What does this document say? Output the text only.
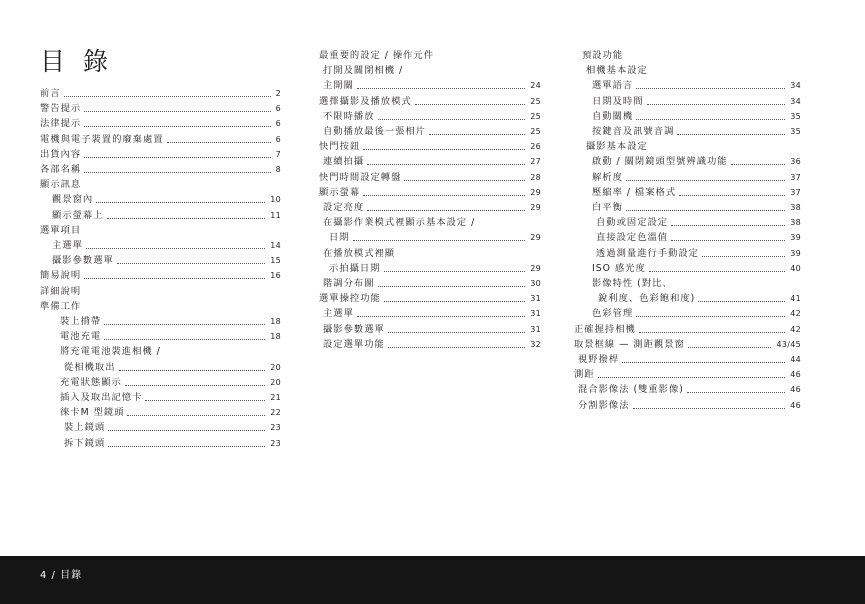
目 錄
前言	2
警告提示	6
法律提示	6
電機與電子裝置的廢棄處置	6
出貨內容	7
各部名稱	8
顯示訊息
觀景窗內	10
顯示螢幕上	11
選單項目
主選單	14
攝影參數選單	15
簡易說明	16
詳細說明
準備工作
裝上揹帶	18
電池充電	18
將充電電池裝進相機 /
從相機取出	20
充電狀態顯示	20
插入及取出記憶卡	21
徠卡M 型鏡頭	22
裝上鏡頭	23
拆下鏡頭	23
最重要的設定 / 操作元件
打開及關閉相機 /
主開關	24
選擇攝影及播放模式	25
不限時播放	25
自動播放最後一張相片	25
快門按鈕	26
連續拍攝	27
快門時間設定轉盤	28
顯示螢幕	29
設定亮度	29
在攝影作業模式裡顯示基本設定 /
日期	29
在播放模式裡顯
示拍攝日期	29
階調分布圖	30
選單操控功能	31
主選單	31
攝影參數選單	31
設定選單功能	32
預設功能
相機基本設定
選單語言	34
日期及時間	34
自動關機	35
按鍵音及訊號音調	35
攝影基本設定
啟動 / 關閉鏡頭型號辨識功能	36
解析度	37
壓縮率 / 檔案格式	37
白平衡	38
自動或固定設定	38
直接設定色溫值	39
透過測量進行手動設定	39
ISO 感光度	40
影像特性 (對比、
銳利度、色彩飽和度)	41
色彩管理	42
正確握持相機	42
取景框線 — 測距觀景窗	43/45
視野撥桿	44
測距	46
混合影像法 (雙重影像)	46
分割影像法	46
4 / 目錄
